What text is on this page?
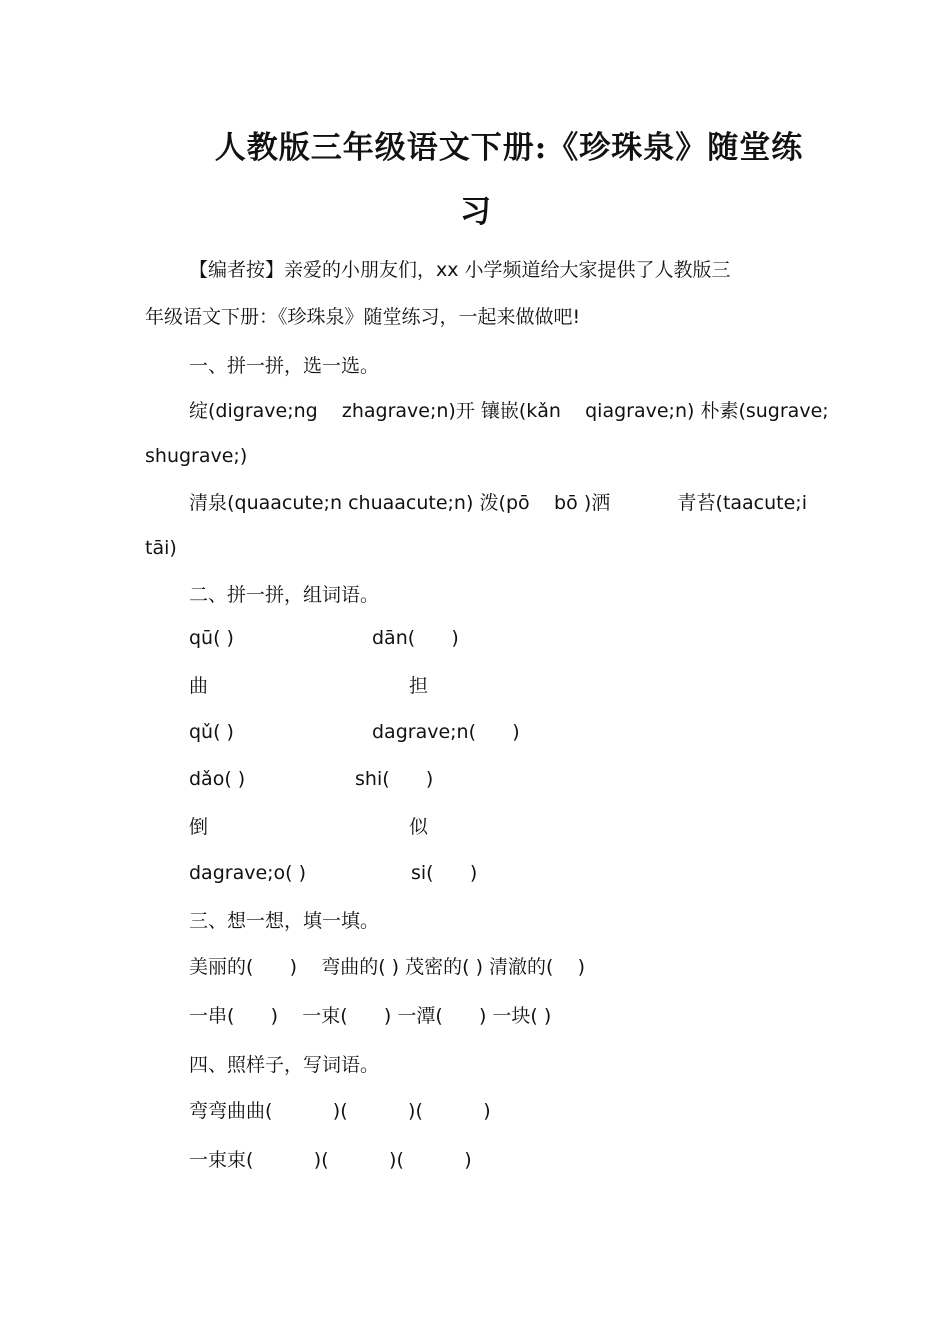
人教版三年级语文下册:《珍珠泉》随堂练
习
【编者按】亲爱的小朋友们，xx 小学频道给大家提供了人教版三
年级语文下册：《珍珠泉》随堂练习，一起来做做吧!
一、拼一拼，选一选。
绽(digrave;ng    zhagrave;n)开 镶嵌(kǎn    qiagrave;n) 朴素(sugrave;
shugrave;)
清泉(quaacute;n chuaacute;n) 泼(pō    bō )洒           青苔(taacute;i
tāi)
二、拼一拼，组词语。
qū( )	dān(      )
曲	担
qǔ( )	dagrave;n(      )
dǎo( )	shi(      )
倒	似
dagrave;o( )	si(      )
三、想一想，填一填。
美丽的(      )    弯曲的( ) 茂密的( ) 清澈的(    )
一串(      )    一束(      ) 一潭(      ) 一块( )
四、照样子，写词语。
弯弯曲曲(          )(          )(          )
一束束(          )(          )(          )
